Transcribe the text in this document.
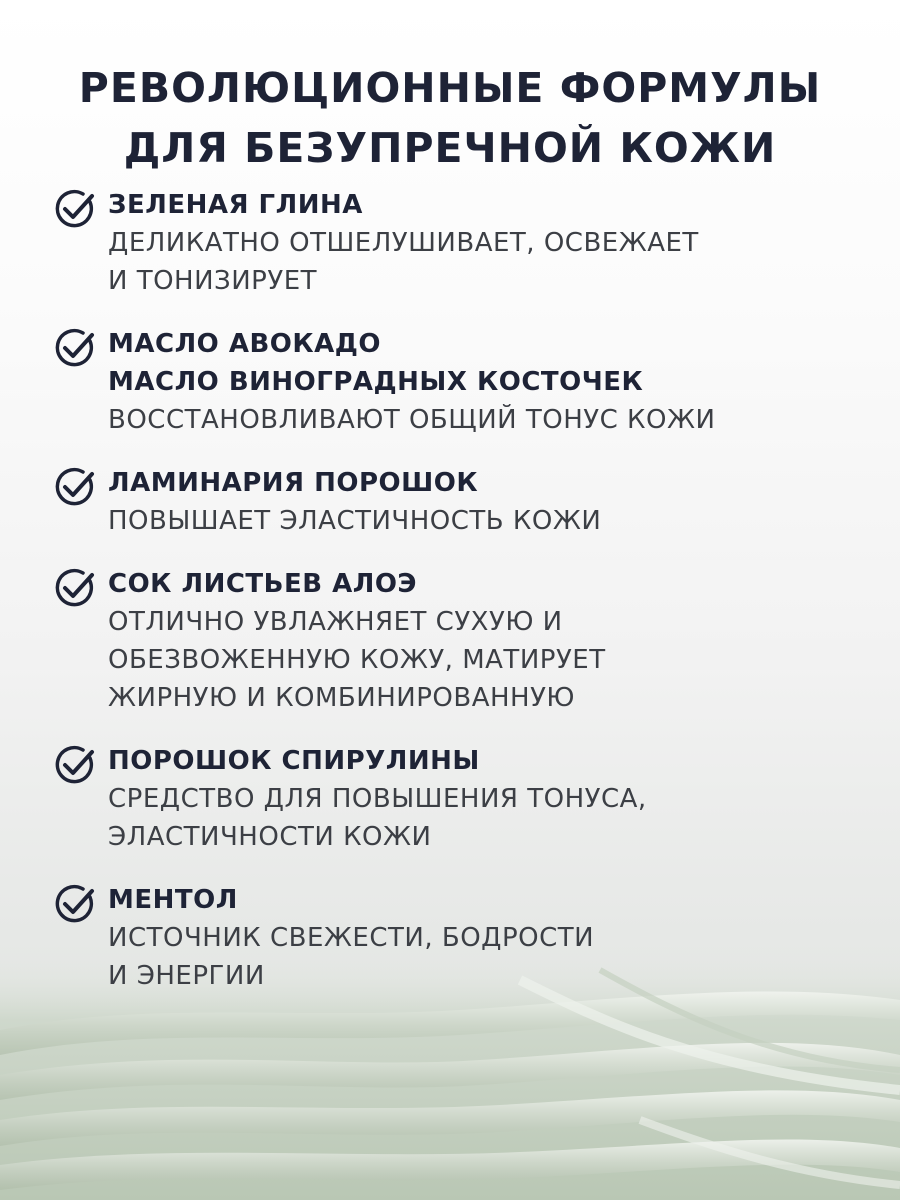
РЕВОЛЮЦИОННЫЕ ФОРМУЛЫ
ДЛЯ БЕЗУПРЕЧНОЙ КОЖИ
ЗЕЛЕНАЯ ГЛИНА
ДЕЛИКАТНО ОТШЕЛУШИВАЕТ, ОСВЕЖАЕТ
И ТОНИЗИРУЕТ
МАСЛО АВОКАДО
МАСЛО ВИНОГРАДНЫХ КОСТОЧЕК
ВОССТАНОВЛИВАЮТ ОБЩИЙ ТОНУС КОЖИ
ЛАМИНАРИЯ ПОРОШОК
ПОВЫШАЕТ ЭЛАСТИЧНОСТЬ КОЖИ
СОК ЛИСТЬЕВ АЛОЭ
ОТЛИЧНО УВЛАЖНЯЕТ СУХУЮ И
ОБЕЗВОЖЕННУЮ КОЖУ, МАТИРУЕТ
ЖИРНУЮ И КОМБИНИРОВАННУЮ
ПОРОШОК СПИРУЛИНЫ
СРЕДСТВО ДЛЯ ПОВЫШЕНИЯ ТОНУСА,
ЭЛАСТИЧНОСТИ КОЖИ
МЕНТОЛ
ИСТОЧНИК СВЕЖЕСТИ, БОДРОСТИ
И ЭНЕРГИИ
